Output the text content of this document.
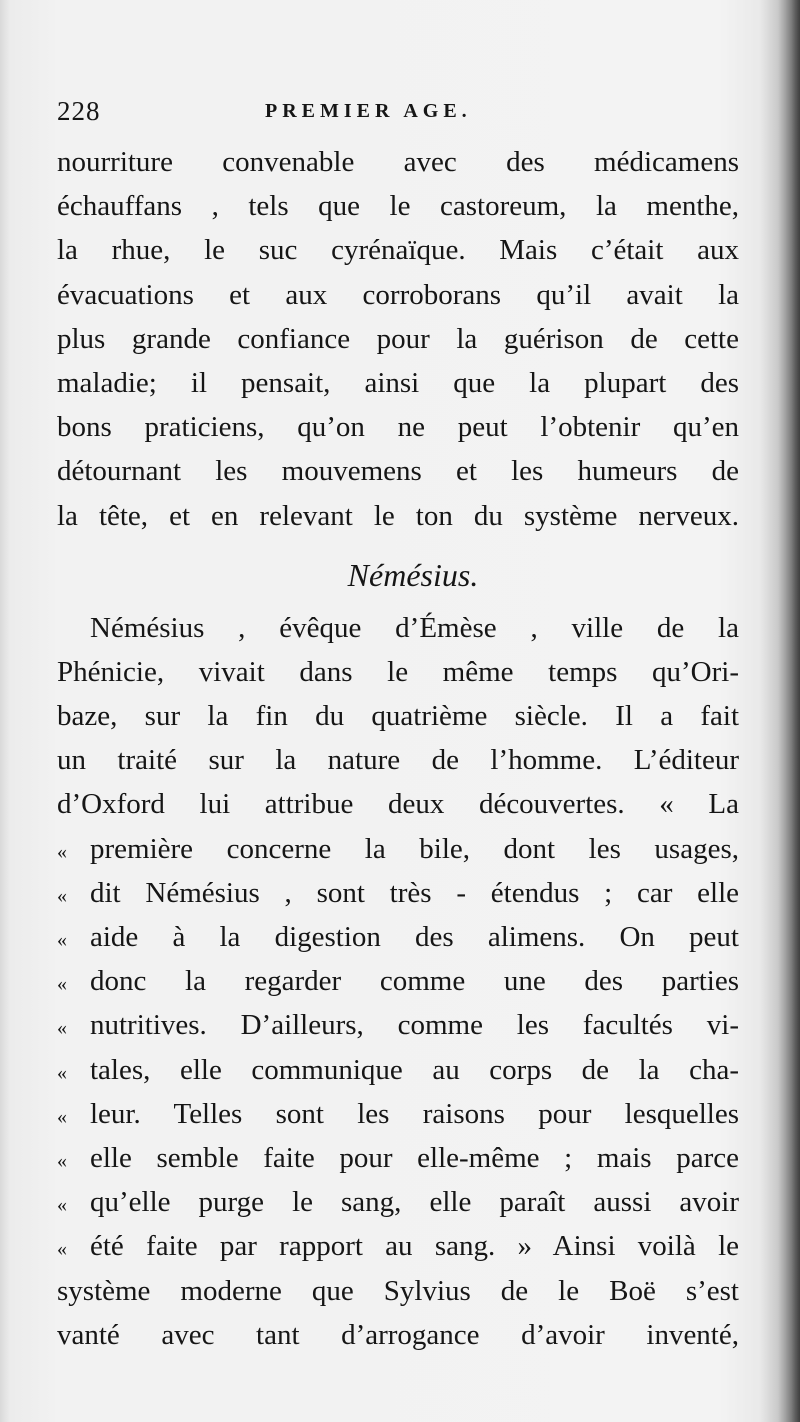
228	PREMIER AGE.
nourriture convenable avec des médicamens
échauffans , tels que le castoreum, la menthe,
la rhue, le suc cyrénaïque. Mais c’était aux
évacuations et aux corroborans qu’il avait la
plus grande confiance pour la guérison de cette
maladie; il pensait, ainsi que la plupart des
bons praticiens, qu’on ne peut l’obtenir qu’en
détournant les mouvemens et les humeurs de
la tête, et en relevant le ton du système nerveux.
Némésius.
Némésius , évêque d’Émèse , ville de la
Phénicie, vivait dans le même temps qu’Ori-
baze, sur la fin du quatrième siècle. Il a fait
un traité sur la nature de l’homme. L’éditeur
d’Oxford lui attribue deux découvertes. « La
« première concerne la bile, dont les usages,
« dit Némésius , sont très - étendus ; car elle
« aide à la digestion des alimens. On peut
« donc la regarder comme une des parties
« nutritives. D’ailleurs, comme les facultés vi-
« tales, elle communique au corps de la cha-
« leur. Telles sont les raisons pour lesquelles
« elle semble faite pour elle-même ; mais parce
« qu’elle purge le sang, elle paraît aussi avoir
« été faite par rapport au sang. » Ainsi voilà le
système moderne que Sylvius de le Boë s’est
vanté avec tant d’arrogance d’avoir inventé,
